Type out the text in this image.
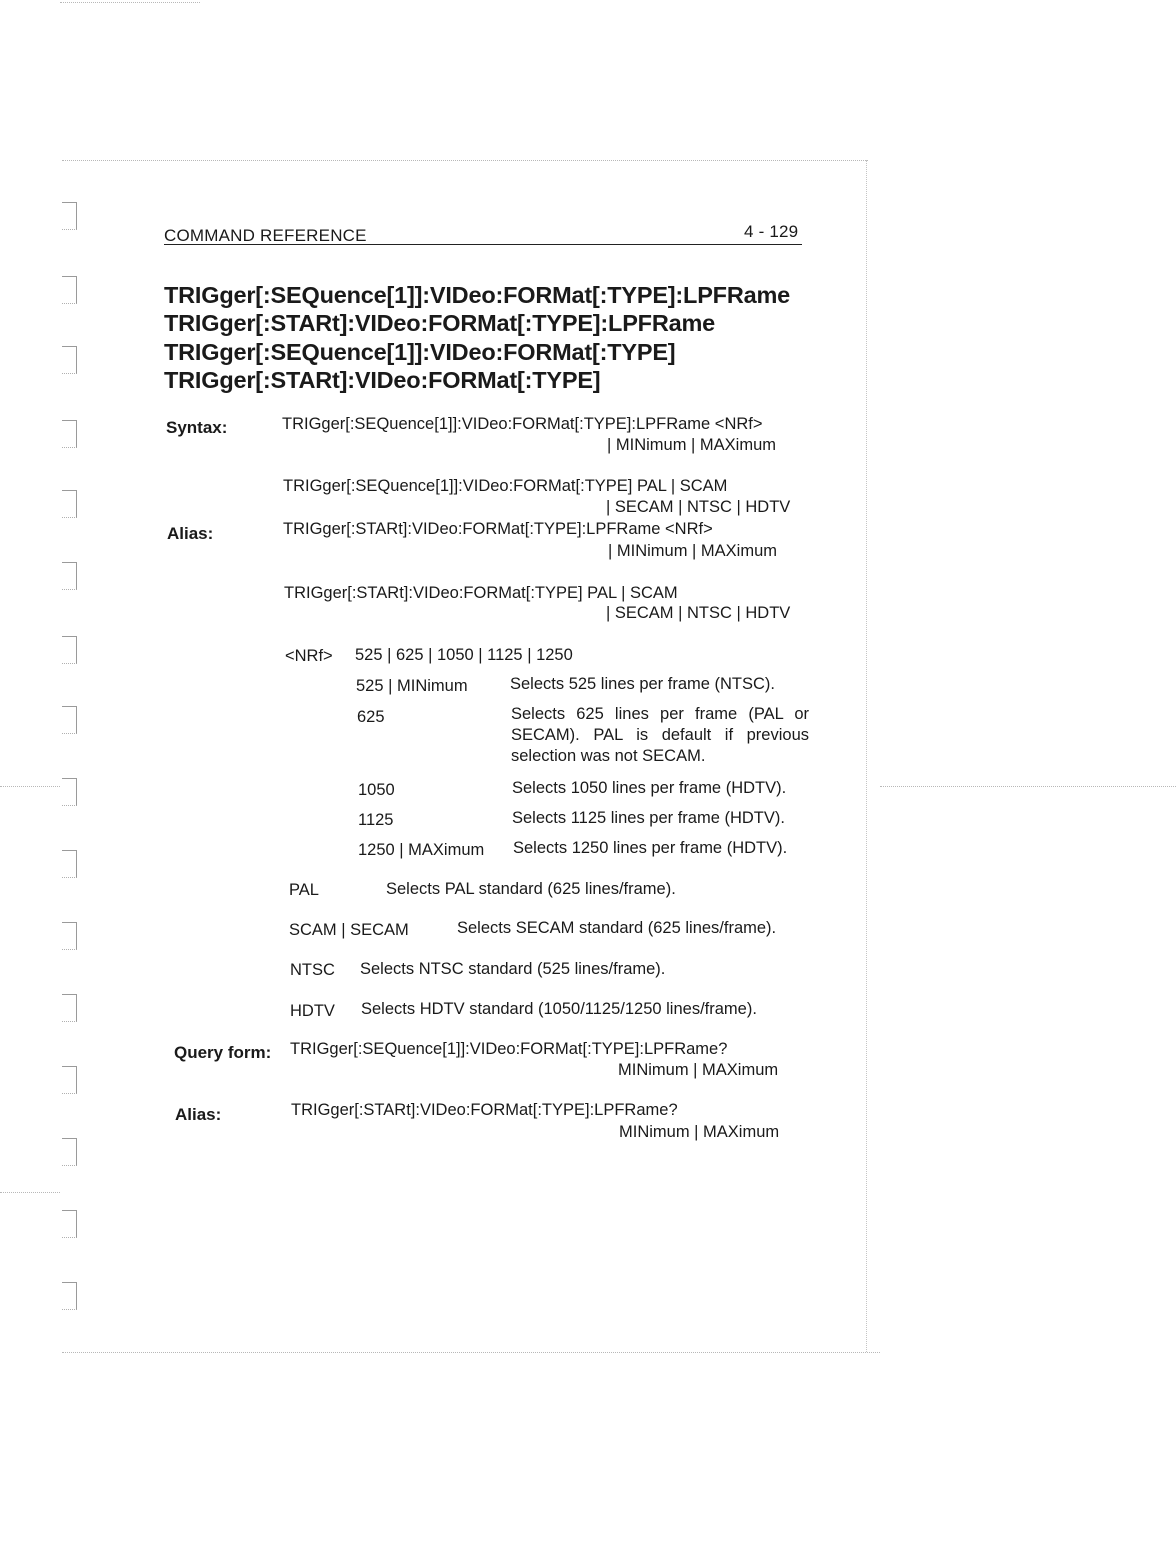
COMMAND REFERENCE	4 - 129
TRIGger[:SEQuence[1]]:VIDeo:FORMat[:TYPE]:LPFRame
TRIGger[:STARt]:VIDeo:FORMat[:TYPE]:LPFRame
TRIGger[:SEQuence[1]]:VIDeo:FORMat[:TYPE]
TRIGger[:STARt]:VIDeo:FORMat[:TYPE]
Syntax:	TRIGger[:SEQuence[1]]:VIDeo:FORMat[:TYPE]:LPFRame <NRf>
| MINimum | MAXimum
TRIGger[:SEQuence[1]]:VIDeo:FORMat[:TYPE] PAL | SCAM
| SECAM | NTSC | HDTV
Alias:	TRIGger[:STARt]:VIDeo:FORMat[:TYPE]:LPFRame <NRf>
| MINimum | MAXimum
TRIGger[:STARt]:VIDeo:FORMat[:TYPE] PAL | SCAM
| SECAM | NTSC | HDTV
<NRf> 525 | 625 | 1050 | 1125 | 1250
525 | MINimum	Selects 525 lines per frame (NTSC).
625	Selects 625 lines per frame (PAL or SECAM). PAL is default if previous selection was not SECAM.
1050	Selects 1050 lines per frame (HDTV).
1125	Selects 1125 lines per frame (HDTV).
1250 | MAXimum Selects 1250 lines per frame (HDTV).
PAL	Selects PAL standard (625 lines/frame).
SCAM | SECAM	Selects SECAM standard (625 lines/frame).
NTSC Selects NTSC standard (525 lines/frame).
HDTV Selects HDTV standard (1050/1125/1250 lines/frame).
Query form: TRIGger[:SEQuence[1]]:VIDeo:FORMat[:TYPE]:LPFRame?
MINimum | MAXimum
Alias:	TRIGger[:STARt]:VIDeo:FORMat[:TYPE]:LPFRame?
MINimum | MAXimum
